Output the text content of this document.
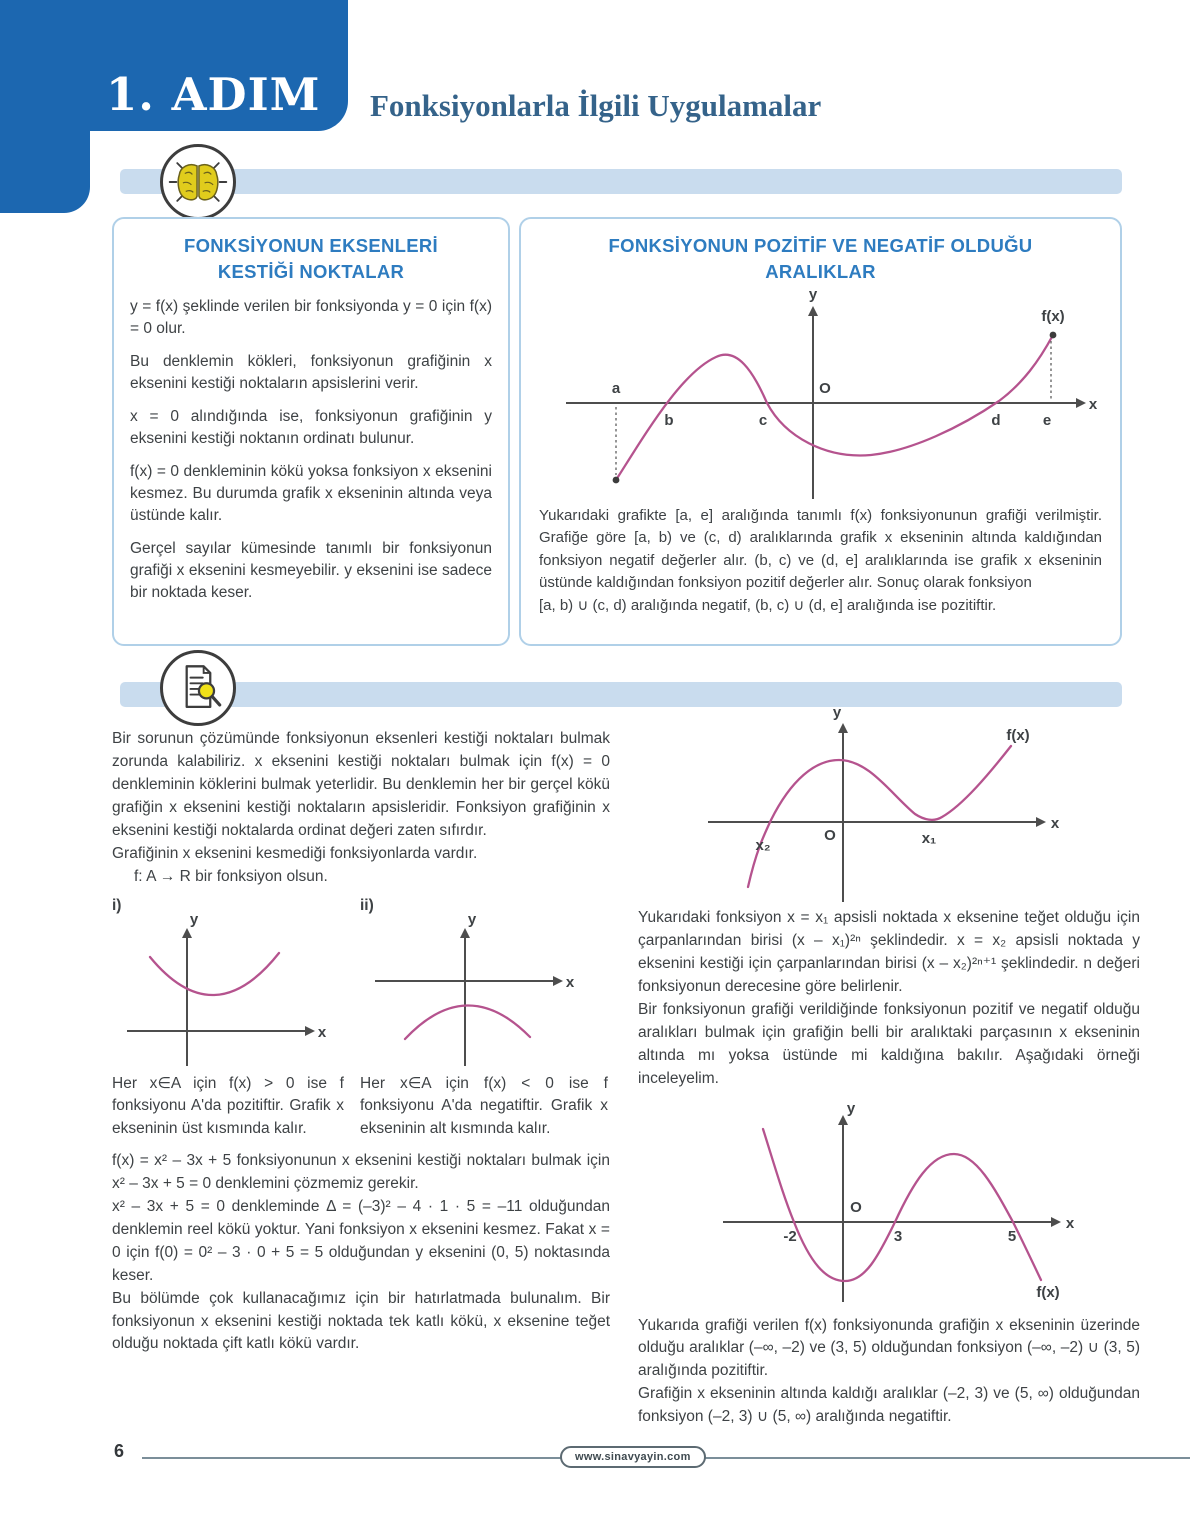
1. ADIM Fonksiyonlarla İlgili Uygulamalar
FONKSİYONUN EKSENLERİ
KESTİĞİ NOKTALAR

y = f(x) şeklinde verilen bir fonksiyonda y = 0 için f(x) = 0 olur.

Bu denklemin kökleri, fonksiyonun grafiğinin x eksenini kestiği noktaların apsislerini verir.

x = 0 alındığında ise, fonksiyonun grafiğinin y eksenini kestiği noktanın ordinatı bulunur.

f(x) = 0 denkleminin kökü yoksa fonksiyon x eksenini kesmez. Bu durumda grafik x ekseninin altında veya üstünde kalır.

Gerçel sayılar kümesinde tanımlı bir fonksiyonun grafiği x eksenini kesmeyebilir. y eksenini ise sadece bir noktada keser.

FONKSİYONUN POZİTİF VE NEGATİF OLDUĞU
ARALIKLAR
x
y
O
a
b	c	d	e
f(x)

Yukarıdaki grafikte [a, e] aralığında tanımlı f(x) fonksiyonunun grafiği verilmiştir. Grafiğe göre [a, b) ve (c, d) aralıklarında grafik x ekseninin altında kaldığından fonksiyon negatif değerler alır. (b, c) ve (d, e] aralıklarında ise grafik x ekseninin üstünde kaldığından fonksiyon pozitif değerler alır. Sonuç olarak fonksiyon

[a, b) ∪ (c, d) aralığında negatif, (b, c) ∪ (d, e] aralığında ise pozitiftir.

Bir sorunun çözümünde fonksiyonun eksenleri kestiği noktaları bulmak zorunda kalabiliriz. x eksenini kestiği noktaları bulmak için f(x) = 0 denkleminin köklerini bulmak yeterlidir. Bu denklemin her bir gerçel kökü grafiğin x eksenini kestiği noktaların apsisleridir. Fonksiyon grafiğinin x eksenini kestiği noktalarda ordinat değeri zaten sıfırdır.

Grafiğinin x eksenini kesmediği fonksiyonlarda vardır.

f: A → R bir fonksiyon olsun.

i)
y
x

Her x∈A için f(x) > 0 ise f fonksiyonu A'da pozitiftir. Grafik x ekseninin üst kısmında kalır.

ii)
y
x

Her x∈A için f(x) < 0 ise f fonksiyonu A'da negatiftir. Grafik x ekseninin alt kısmında kalır.

f(x) = x² – 3x + 5 fonksiyonunun x eksenini kestiği noktaları bulmak için x² – 3x + 5 = 0 denklemini çözmemiz gerekir.

x² – 3x + 5 = 0 denkleminde Δ = (–3)² – 4 · 1 · 5 = –11 olduğundan denklemin reel kökü yoktur. Yani fonksiyon x eksenini kesmez. Fakat x = 0 için f(0) = 0² – 3 · 0 + 5 = 5 olduğundan y eksenini (0, 5) noktasında keser.

Bu bölümde çok kullanacağımız için bir hatırlatmada bulunalım. Bir fonksiyonun x eksenini kestiği noktada tek katlı kökü, x eksenine teğet olduğu noktada çift katlı kökü vardır.

x
y
O
x₂	x₁
f(x)

Yukarıdaki fonksiyon x = x₁ apsisli noktada x eksenine teğet olduğu için çarpanlarından birisi (x – x₁)²ⁿ şeklindedir. x = x₂ apsisli noktada y eksenini kestiği için çarpanlarından birisi (x – x₂)²ⁿ⁺¹ şeklindedir. n değeri fonksiyonun derecesine göre belirlenir.

Bir fonksiyonun grafiği verildiğinde fonksiyonun pozitif ve negatif olduğu aralıkları bulmak için grafiğin belli bir aralıktaki parçasının x ekseninin altında mı yoksa üstünde mi kaldığına bakılır. Aşağıdaki örneği inceleyelim.

x
y
O
-2	3	5
f(x)

Yukarıda grafiği verilen f(x) fonksiyonunda grafiğin x ekseninin üzerinde olduğu aralıklar (–∞, –2) ve (3, 5) olduğundan fonksiyon (–∞, –2) ∪ (3, 5) aralığında pozitiftir.

Grafiğin x ekseninin altında kaldığı aralıklar (–2, 3) ve (5, ∞) olduğundan fonksiyon (–2, 3) ∪ (5, ∞) aralığında negatiftir.

6	www.sinavyayin.com
